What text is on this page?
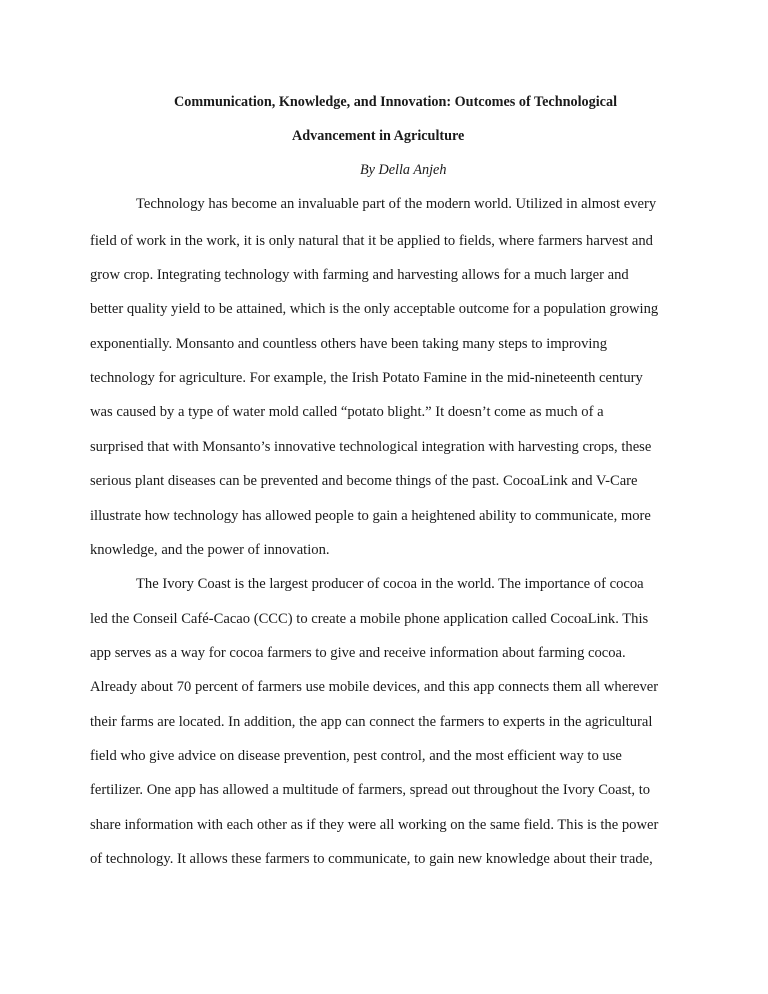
Communication, Knowledge, and Innovation: Outcomes of Technological
Advancement in Agriculture
By Della Anjeh
Technology has become an invaluable part of the modern world. Utilized in almost every
field of work in the work, it is only natural that it be applied to fields, where farmers harvest and
grow crop. Integrating technology with farming and harvesting allows for a much larger and
better quality yield to be attained, which is the only acceptable outcome for a population growing
exponentially. Monsanto and countless others have been taking many steps to improving
technology for agriculture. For example, the Irish Potato Famine in the mid-nineteenth century
was caused by a type of water mold called “potato blight.” It doesn’t come as much of a
surprised that with Monsanto’s innovative technological integration with harvesting crops, these
serious plant diseases can be prevented and become things of the past. CocoaLink and V-Care
illustrate how technology has allowed people to gain a heightened ability to communicate, more
knowledge, and the power of innovation.
The Ivory Coast is the largest producer of cocoa in the world. The importance of cocoa
led the Conseil Café-Cacao (CCC) to create a mobile phone application called CocoaLink. This
app serves as a way for cocoa farmers to give and receive information about farming cocoa.
Already about 70 percent of farmers use mobile devices, and this app connects them all wherever
their farms are located. In addition, the app can connect the farmers to experts in the agricultural
field who give advice on disease prevention, pest control, and the most efficient way to use
fertilizer. One app has allowed a multitude of farmers, spread out throughout the Ivory Coast, to
share information with each other as if they were all working on the same field. This is the power
of technology. It allows these farmers to communicate, to gain new knowledge about their trade,
